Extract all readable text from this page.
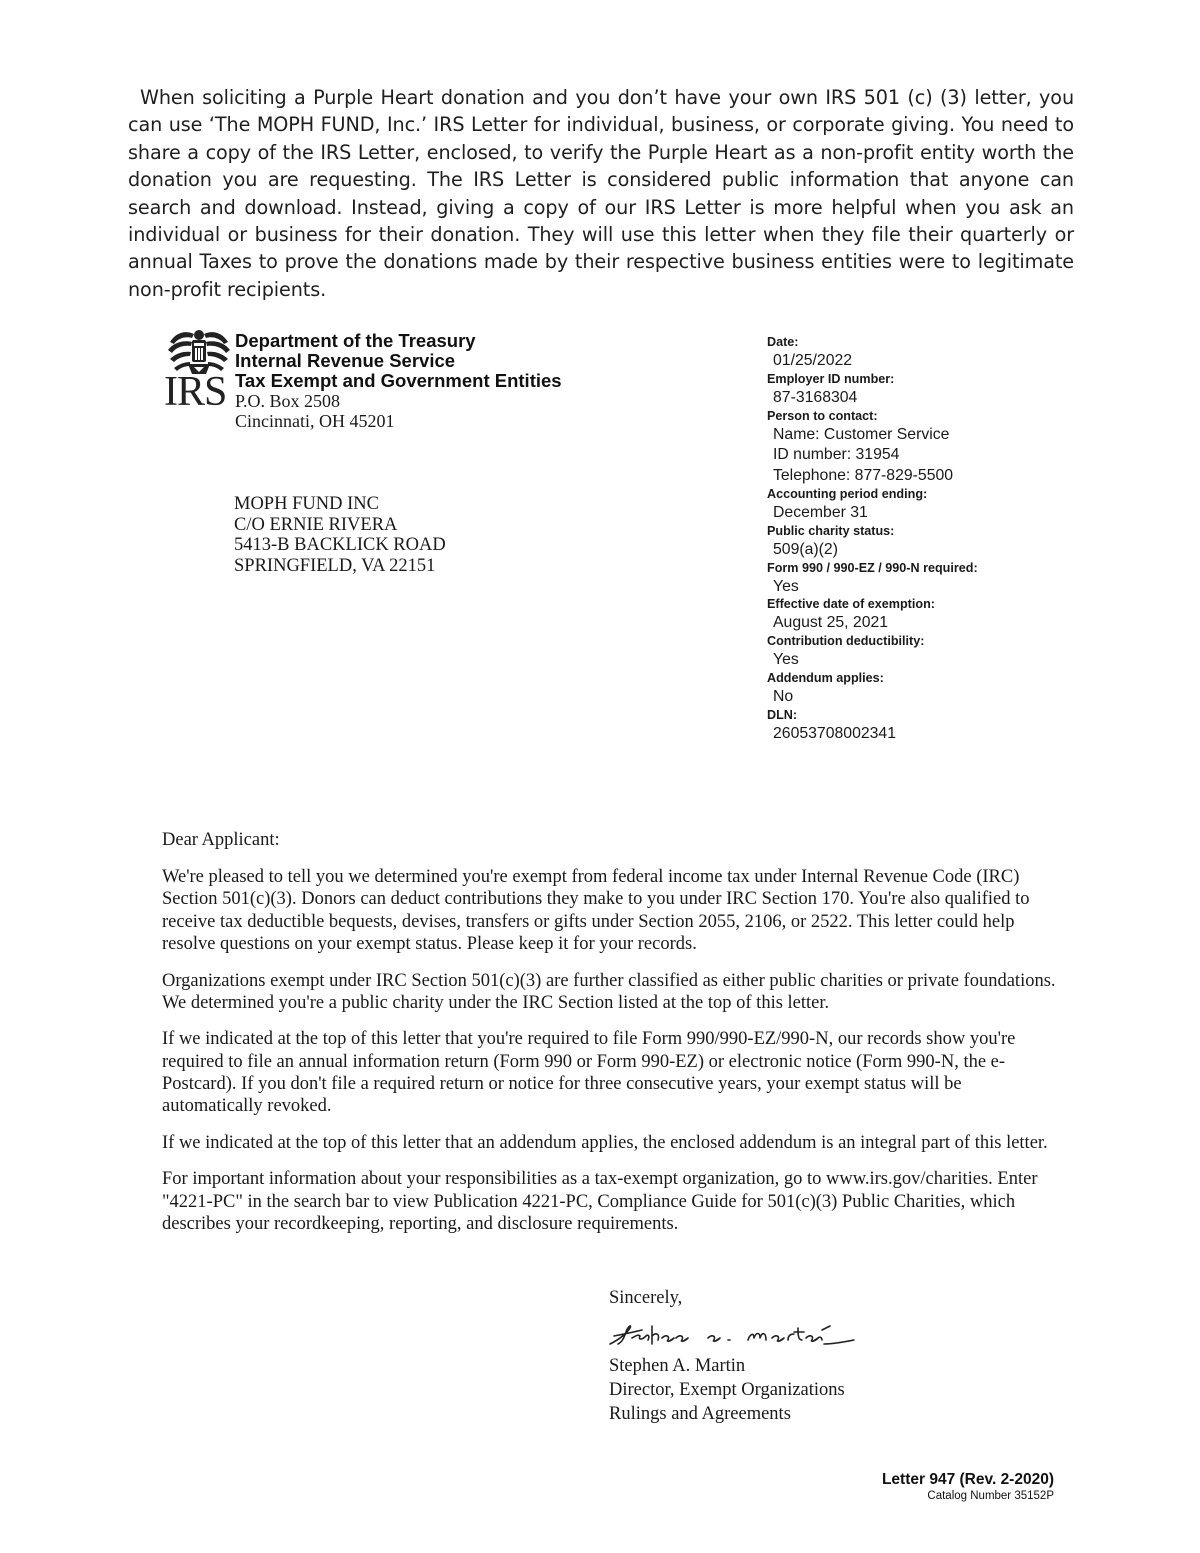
When soliciting a Purple Heart donation and you don’t have your own IRS 501 (c) (3) letter, you can use ‘The MOPH FUND, Inc.’ IRS Letter for individual, business, or corporate giving. You need to share a copy of the IRS Letter, enclosed, to verify the Purple Heart as a non-profit entity worth the donation you are requesting. The IRS Letter is considered public information that anyone can search and download. Instead, giving a copy of our IRS Letter is more helpful when you ask an individual or business for their donation. They will use this letter when they file their quarterly or annual Taxes to prove the donations made by their respective business entities were to legitimate non-profit recipients.
IRS
Department of the Treasury
Internal Revenue Service
Tax Exempt and Government Entities
P.O. Box 2508
Cincinnati, OH 45201
MOPH FUND INC
C/O ERNIE RIVERA
5413-B BACKLICK ROAD
SPRINGFIELD, VA 22151
Date:
01/25/2022
Employer ID number:
87-3168304
Person to contact:
Name: Customer Service
ID number: 31954
Telephone: 877-829-5500
Accounting period ending:
December 31
Public charity status:
509(a)(2)
Form 990 / 990-EZ / 990-N required:
Yes
Effective date of exemption:
August 25, 2021
Contribution deductibility:
Yes
Addendum applies:
No
DLN:
26053708002341

Dear Applicant:

We're pleased to tell you we determined you're exempt from federal income tax under Internal Revenue Code (IRC) Section 501(c)(3). Donors can deduct contributions they make to you under IRC Section 170. You're also qualified to receive tax deductible bequests, devises, transfers or gifts under Section 2055, 2106, or 2522. This letter could help resolve questions on your exempt status. Please keep it for your records.

Organizations exempt under IRC Section 501(c)(3) are further classified as either public charities or private foundations. We determined you're a public charity under the IRC Section listed at the top of this letter.

If we indicated at the top of this letter that you're required to file Form 990/990-EZ/990-N, our records show you're required to file an annual information return (Form 990 or Form 990-EZ) or electronic notice (Form 990-N, the e-Postcard). If you don't file a required return or notice for three consecutive years, your exempt status will be automatically revoked.

If we indicated at the top of this letter that an addendum applies, the enclosed addendum is an integral part of this letter.

For important information about your responsibilities as a tax-exempt organization, go to www.irs.gov/charities. Enter "4221-PC" in the search bar to view Publication 4221-PC, Compliance Guide for 501(c)(3) Public Charities, which describes your recordkeeping, reporting, and disclosure requirements.

Sincerely,
Stephen A. Martin
Director, Exempt Organizations
Rulings and Agreements
Letter 947 (Rev. 2-2020)
Catalog Number 35152P
